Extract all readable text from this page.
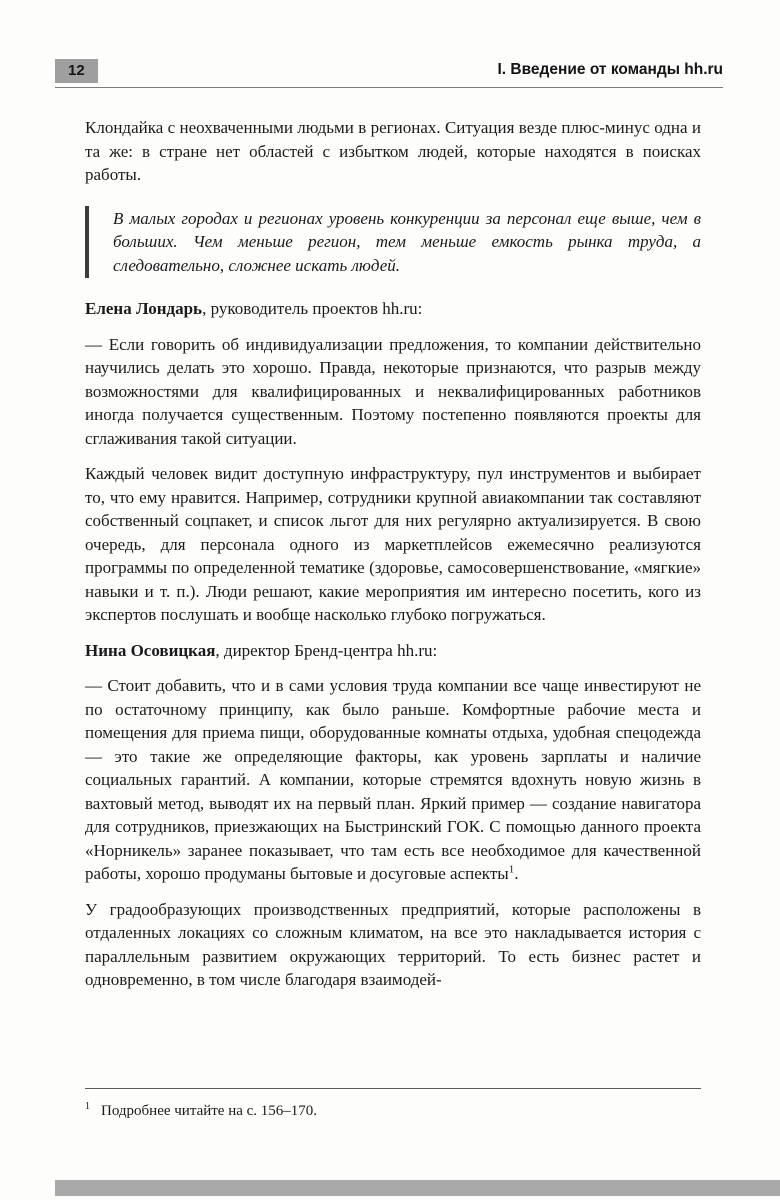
12	I. Введение от команды hh.ru

Клондайка с неохваченными людьми в регионах. Ситуация везде плюс-минус одна и та же: в стране нет областей с избытком людей, которые находятся в поисках работы.

В малых городах и регионах уровень конкуренции за персонал еще выше, чем в больших. Чем меньше регион, тем меньше емкость рынка труда, а следовательно, сложнее искать людей.

Елена Лондарь, руководитель проектов hh.ru:

— Если говорить об индивидуализации предложения, то компании действительно научились делать это хорошо. Правда, некоторые признаются, что разрыв между возможностями для квалифицированных и неквалифицированных работников иногда получается существенным. Поэтому постепенно появляются проекты для сглаживания такой ситуации.

Каждый человек видит доступную инфраструктуру, пул инструментов и выбирает то, что ему нравится. Например, сотрудники крупной авиакомпании так составляют собственный соцпакет, и список льгот для них регулярно актуализируется. В свою очередь, для персонала одного из маркетплейсов ежемесячно реализуются программы по определенной тематике (здоровье, самосовершенствование, «мягкие» навыки и т. п.). Люди решают, какие мероприятия им интересно посетить, кого из экспертов послушать и вообще насколько глубоко погружаться.

Нина Осовицкая, директор Бренд-центра hh.ru:

— Стоит добавить, что и в сами условия труда компании все чаще инвестируют не по остаточному принципу, как было раньше. Комфортные рабочие места и помещения для приема пищи, оборудованные комнаты отдыха, удобная спецодежда — это такие же определяющие факторы, как уровень зарплаты и наличие социальных гарантий. А компании, которые стремятся вдохнуть новую жизнь в вахтовый метод, выводят их на первый план. Яркий пример — создание навигатора для сотрудников, приезжающих на Быстринский ГОК. С помощью данного проекта «Норникель» заранее показывает, что там есть все необходимое для качественной работы, хорошо продуманы бытовые и досуговые аспекты$^1$.

У градообразующих производственных предприятий, которые расположены в отдаленных локациях со сложным климатом, на все это накладывается история с параллельным развитием окружающих территорий. То есть бизнес растет и одновременно, в том числе благодаря взаимодей-

$^1$ Подробнее читайте на с. 156–170.
